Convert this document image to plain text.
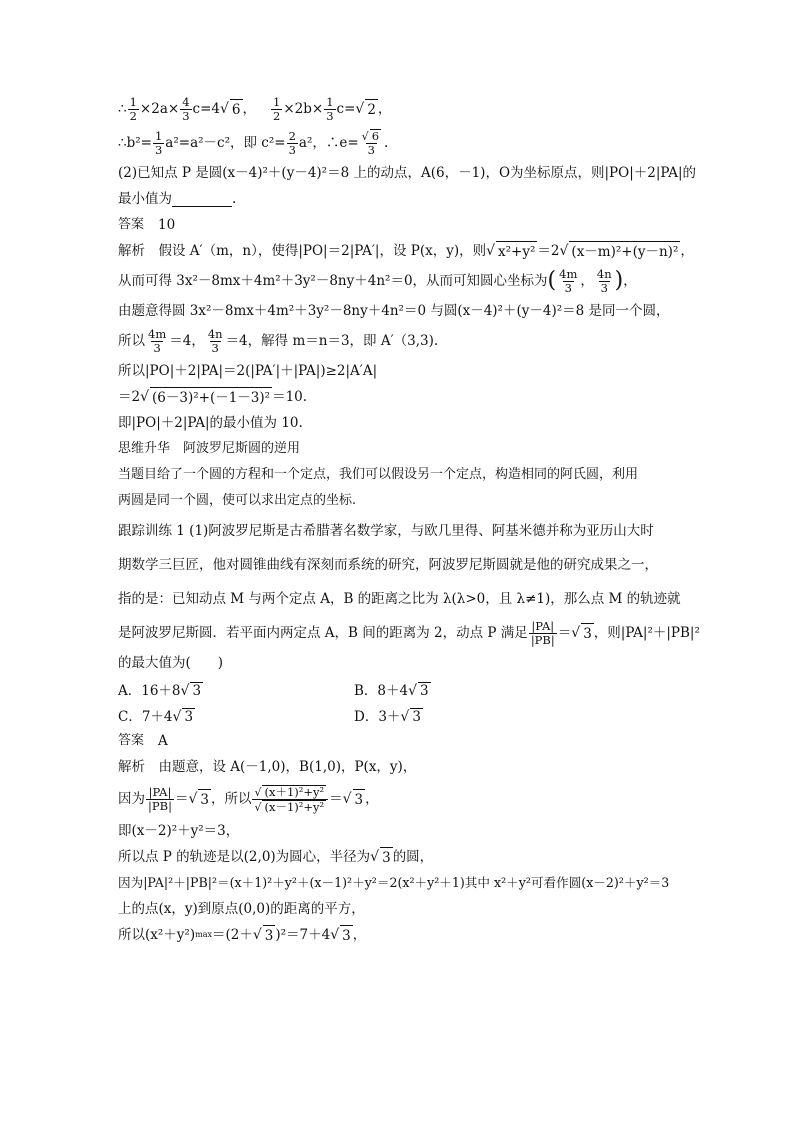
∴ $\frac{1}{2} \times 2a\times \frac{4}{3} c=4$ √ 6 ， $\frac{1}{2} \times 2b\times \frac{1}{3} c=$ √ 2 ，
∴b²= $\frac{1}{3} a^2=a^2-c^2$，即 $c^2= \frac{2}{3} a^2$，∴e= $\frac{√ 6}{3}$ .
(2)已知点 P 是圆(x－4)²＋(y－4)²＝8 上的动点，A(6，－1)，O为坐标原点，则|PO|＋2|PA|的
最小值为	.
答案 10
解析　假设 A′（m，n），使得|PO|＝2|PA′|，设 P(x，y)，则 √ x²+y² ＝2 √ (x－m)²+(y－n)² ，
从而可得 3x²－8mx＋4m²＋3y²－8ny＋4n²＝0，从而可知圆心坐标为 ( $\frac{4m}{3}$ ， $\frac{4n}{3}$ ) ，
由题意得圆 3x²－8mx＋4m²＋3y²－8ny＋4n²＝0 与圆(x－4)²＋(y－4)²＝8 是同一个圆，
所以 $\frac{4m}{3} =4$， $\frac{4n}{3} =4$，解得 m＝n＝3，即 A′（3,3).
所以|PO|＋2|PA|＝2(|PA′|＋|PA|)≥2|A′A|
＝2 √ (6－3)²+(－1－3)² ＝10.
即|PO|＋2|PA|的最小值为 10.
思维升华　阿波罗尼斯圆的逆用
当题目给了一个圆的方程和一个定点，我们可以假设另一个定点，构造相同的阿氏圆，利用
两圆是同一个圆，使可以求出定点的坐标.
跟踪训练 1 (1)阿波罗尼斯是古希腊著名数学家，与欧几里得、阿基米德并称为亚历山大时
期数学三巨匠，他对圆锥曲线有深刻而系统的研究，阿波罗尼斯圆就是他的研究成果之一，
指的是：已知动点 M 与两个定点 A，B 的距离之比为 λ(λ>0，且 λ≠1)，那么点 M 的轨迹就
是阿波罗尼斯圆．若平面内两定点 A，B 间的距离为 2，动点 P 满足 $\frac{|PA|}{|PB|}$ ＝ √ 3 ，则|PA|²＋|PB|²
的最大值为(　　)
A．16＋8√ 3	B．8＋4√ 3
C．7＋4√ 3	D．3＋√ 3
答案 A
解析　由题意，设 A(－1,0)，B(1,0)，P(x，y)，
因为 $\frac{|PA|}{|PB|}$ ＝ √ 3 ，所以 $\frac{\text{√ (x＋1)²+y²}}{\text{√ (x－1)²+y²}}$ ＝ √ 3 ，
即(x－2)²＋y²＝3，
所以点 P 的轨迹是以(2,0)为圆心，半径为 √ 3 的圆，
因为|PA|²＋|PB|²＝(x＋1)²＋y²＋(x－1)²＋y²＝2(x²＋y²＋1)其中 x²＋y²可看作圆(x－2)²＋y²＝3
上的点(x，y)到原点(0,0)的距离的平方，
所以(x²＋y²) max ＝(2＋ √ 3 )²＝7＋4 √ 3 ，
